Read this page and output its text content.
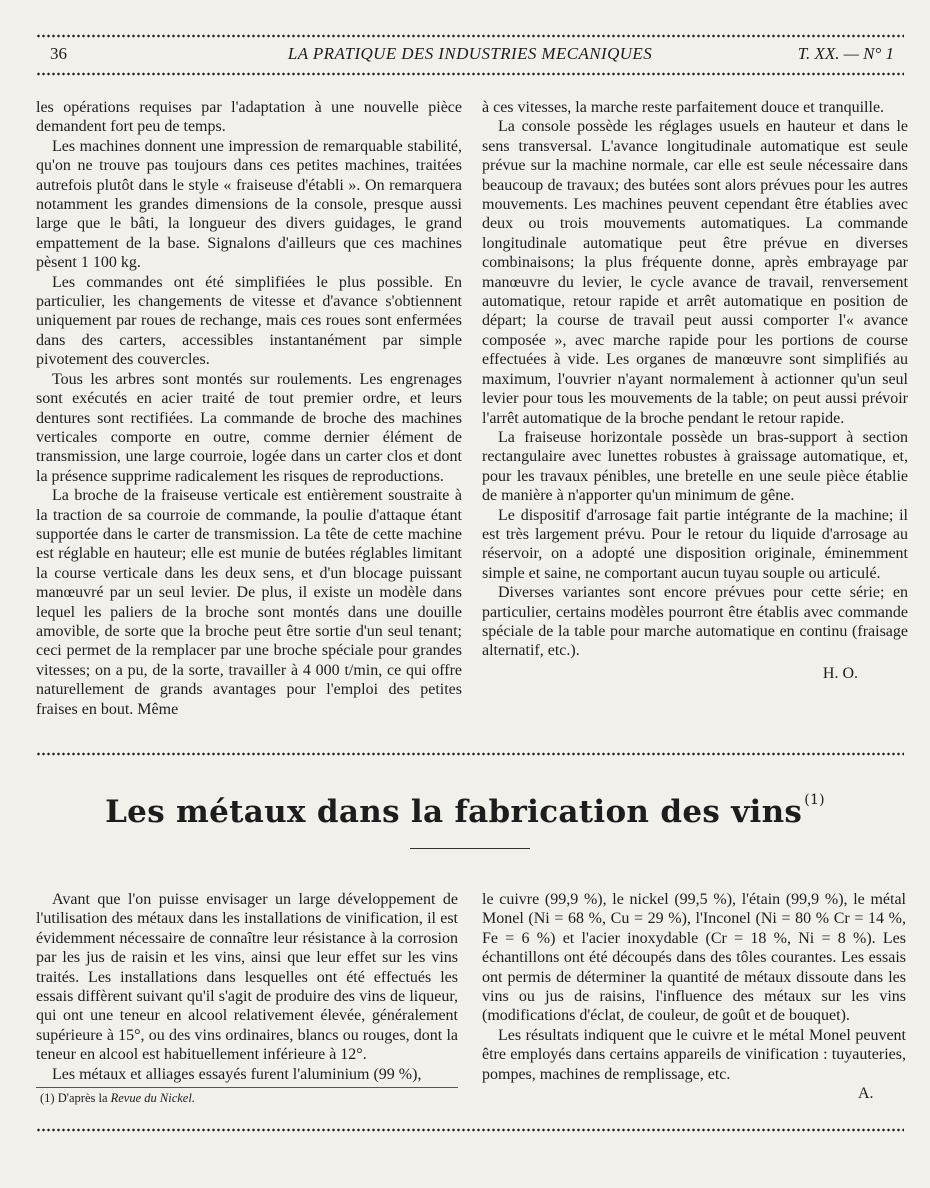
36	LA PRATIQUE DES INDUSTRIES MECANIQUES	T. XX. — N° 1

les opérations requises par l'adaptation à une nouvelle pièce demandent fort peu de temps.

Les machines donnent une impression de remarquable stabilité, qu'on ne trouve pas toujours dans ces petites machines, traitées autrefois plutôt dans le style « fraiseuse d'établi ». On remarquera notamment les grandes dimensions de la console, presque aussi large que le bâti, la longueur des divers guidages, le grand empattement de la base. Signalons d'ailleurs que ces machines pèsent 1 100 kg.

Les commandes ont été simplifiées le plus possible. En particulier, les changements de vitesse et d'avance s'obtiennent uniquement par roues de rechange, mais ces roues sont enfermées dans des carters, accessibles instantanément par simple pivotement des couvercles.

Tous les arbres sont montés sur roulements. Les engrenages sont exécutés en acier traité de tout premier ordre, et leurs dentures sont rectifiées. La commande de broche des machines verticales comporte en outre, comme dernier élément de transmission, une large courroie, logée dans un carter clos et dont la présence supprime radicalement les risques de reproductions.

La broche de la fraiseuse verticale est entièrement soustraite à la traction de sa courroie de commande, la poulie d'attaque étant supportée dans le carter de transmission. La tête de cette machine est réglable en hauteur; elle est munie de butées réglables limitant la course verticale dans les deux sens, et d'un blocage puissant manœuvré par un seul levier. De plus, il existe un modèle dans lequel les paliers de la broche sont montés dans une douille amovible, de sorte que la broche peut être sortie d'un seul tenant; ceci permet de la remplacer par une broche spéciale pour grandes vitesses; on a pu, de la sorte, travailler à 4 000 t/min, ce qui offre naturellement de grands avantages pour l'emploi des petites fraises en bout. Même

à ces vitesses, la marche reste parfaitement douce et tranquille.

La console possède les réglages usuels en hauteur et dans le sens transversal. L'avance longitudinale automatique est seule prévue sur la machine normale, car elle est seule nécessaire dans beaucoup de travaux; des butées sont alors prévues pour les autres mouvements. Les machines peuvent cependant être établies avec deux ou trois mouvements automatiques. La commande longitudinale automatique peut être prévue en diverses combinaisons; la plus fréquente donne, après embrayage par manœuvre du levier, le cycle avance de travail, renversement automatique, retour rapide et arrêt automatique en position de départ; la course de travail peut aussi comporter l'« avance composée », avec marche rapide pour les portions de course effectuées à vide. Les organes de manœuvre sont simplifiés au maximum, l'ouvrier n'ayant normalement à actionner qu'un seul levier pour tous les mouvements de la table; on peut aussi prévoir l'arrêt automatique de la broche pendant le retour rapide.

La fraiseuse horizontale possède un bras-support à section rectangulaire avec lunettes robustes à graissage automatique, et, pour les travaux pénibles, une bretelle en une seule pièce établie de manière à n'apporter qu'un minimum de gêne.

Le dispositif d'arrosage fait partie intégrante de la machine; il est très largement prévu. Pour le retour du liquide d'arrosage au réservoir, on a adopté une disposition originale, éminemment simple et saine, ne comportant aucun tuyau souple ou articulé.

Diverses variantes sont encore prévues pour cette série; en particulier, certains modèles pourront être établis avec commande spéciale de la table pour marche automatique en continu (fraisage alternatif, etc.).

H. O.
Les métaux dans la fabrication des vins $^{(1)}$

Avant que l'on puisse envisager un large développement de l'utilisation des métaux dans les installations de vinification, il est évidemment nécessaire de connaître leur résistance à la corrosion par les jus de raisin et les vins, ainsi que leur effet sur les vins traités. Les installations dans lesquelles ont été effectués les essais diffèrent suivant qu'il s'agit de produire des vins de liqueur, qui ont une teneur en alcool relativement élevée, généralement supérieure à 15°, ou des vins ordinaires, blancs ou rouges, dont la teneur en alcool est habituellement inférieure à 12°.

Les métaux et alliages essayés furent l'aluminium (99 %),

(1) D'après la Revue du Nickel.

le cuivre (99,9 %), le nickel (99,5 %), l'étain (99,9 %), le métal Monel (Ni = 68 %, Cu = 29 %), l'Inconel (Ni = 80 % Cr = 14 %, Fe = 6 %) et l'acier inoxydable (Cr = 18 %, Ni = 8 %). Les échantillons ont été découpés dans des tôles courantes. Les essais ont permis de déterminer la quantité de métaux dissoute dans les vins ou jus de raisins, l'influence des métaux sur les vins (modifications d'éclat, de couleur, de goût et de bouquet).

Les résultats indiquent que le cuivre et le métal Monel peuvent être employés dans certains appareils de vinification : tuyauteries, pompes, machines de remplissage, etc.

A.
